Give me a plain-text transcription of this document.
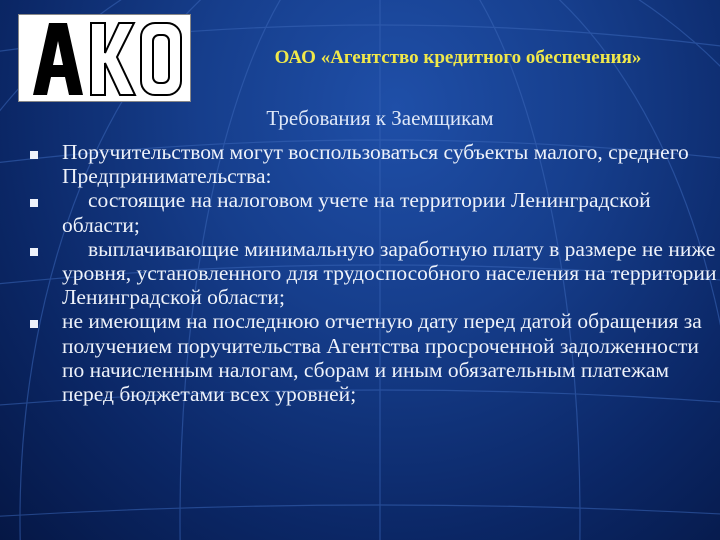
ОАО «Агентство кредитного обеспечения»
Требования к Заемщикам
Поручительством могут воспользоваться субъекты малого, среднего Предпринимательства:
состоящие на налоговом учете на территории Ленинградской области;
выплачивающие минимальную заработную плату в размере не ниже уровня, установленного для трудоспособного населения на территории Ленинградской области;
не имеющим на последнюю отчетную дату перед датой обращения за получением поручительства Агентства просроченной задолженности по начисленным налогам, сборам и иным обязательным платежам перед бюджетами всех уровней;
